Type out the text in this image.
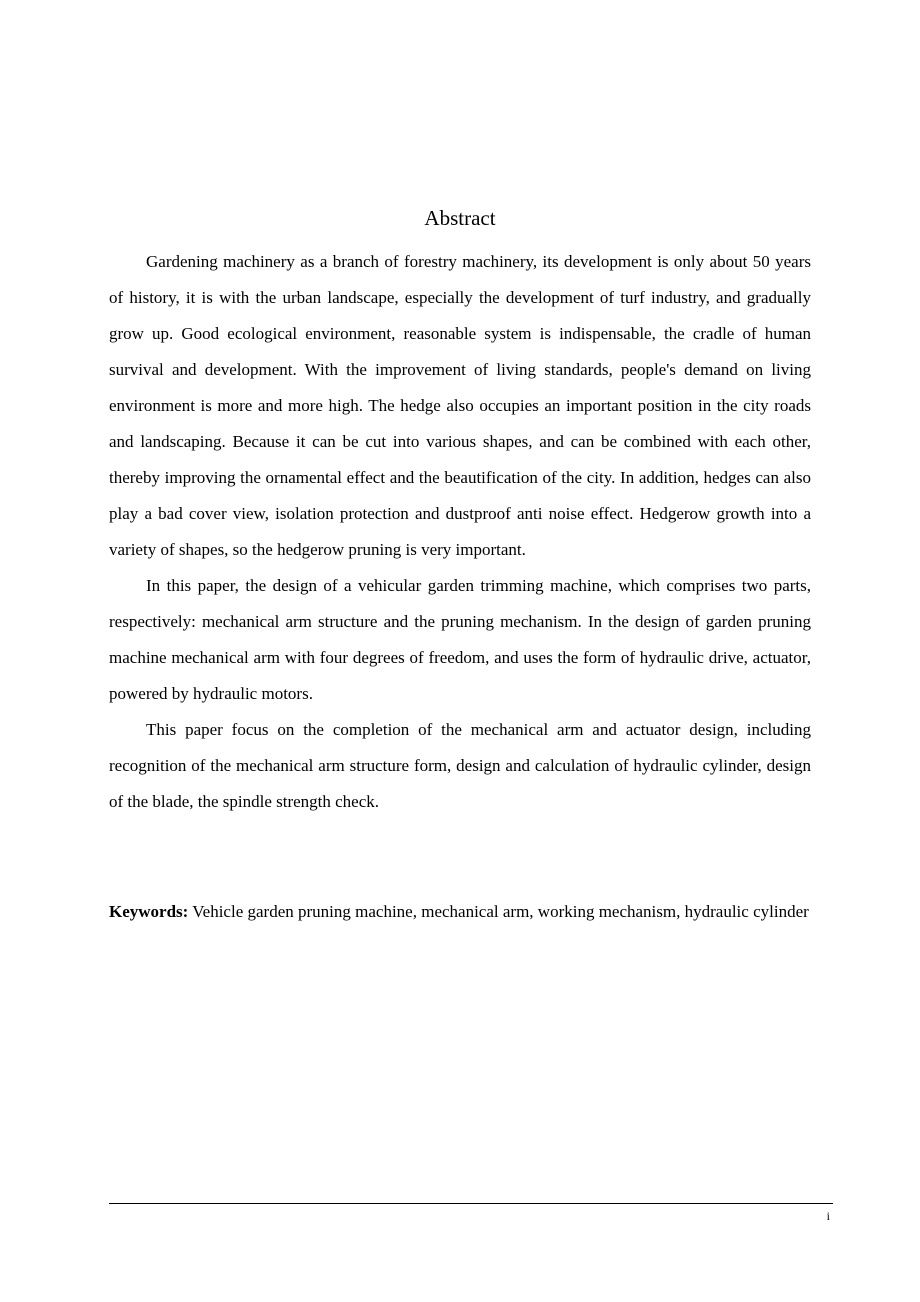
Abstract

Gardening machinery as a branch of forestry machinery, its development is only about 50 years of history, it is with the urban landscape, especially the development of turf industry, and gradually grow up. Good ecological environment, reasonable system is indispensable, the cradle of human survival and development. With the improvement of living standards, people's demand on living environment is more and more high. The hedge also occupies an important position in the city roads and landscaping. Because it can be cut into various shapes, and can be combined with each other, thereby improving the ornamental effect and the beautification of the city. In addition, hedges can also play a bad cover view, isolation protection and dustproof anti noise effect. Hedgerow growth into a variety of shapes, so the hedgerow pruning is very important.

In this paper, the design of a vehicular garden trimming machine, which comprises two parts, respectively: mechanical arm structure and the pruning mechanism. In the design of garden pruning machine mechanical arm with four degrees of freedom, and uses the form of hydraulic drive, actuator, powered by hydraulic motors.

This paper focus on the completion of the mechanical arm and actuator design, including recognition of the mechanical arm structure form, design and calculation of hydraulic cylinder, design of the blade, the spindle strength check.

Keywords: Vehicle garden pruning machine, mechanical arm, working mechanism, hydraulic cylinder
i
